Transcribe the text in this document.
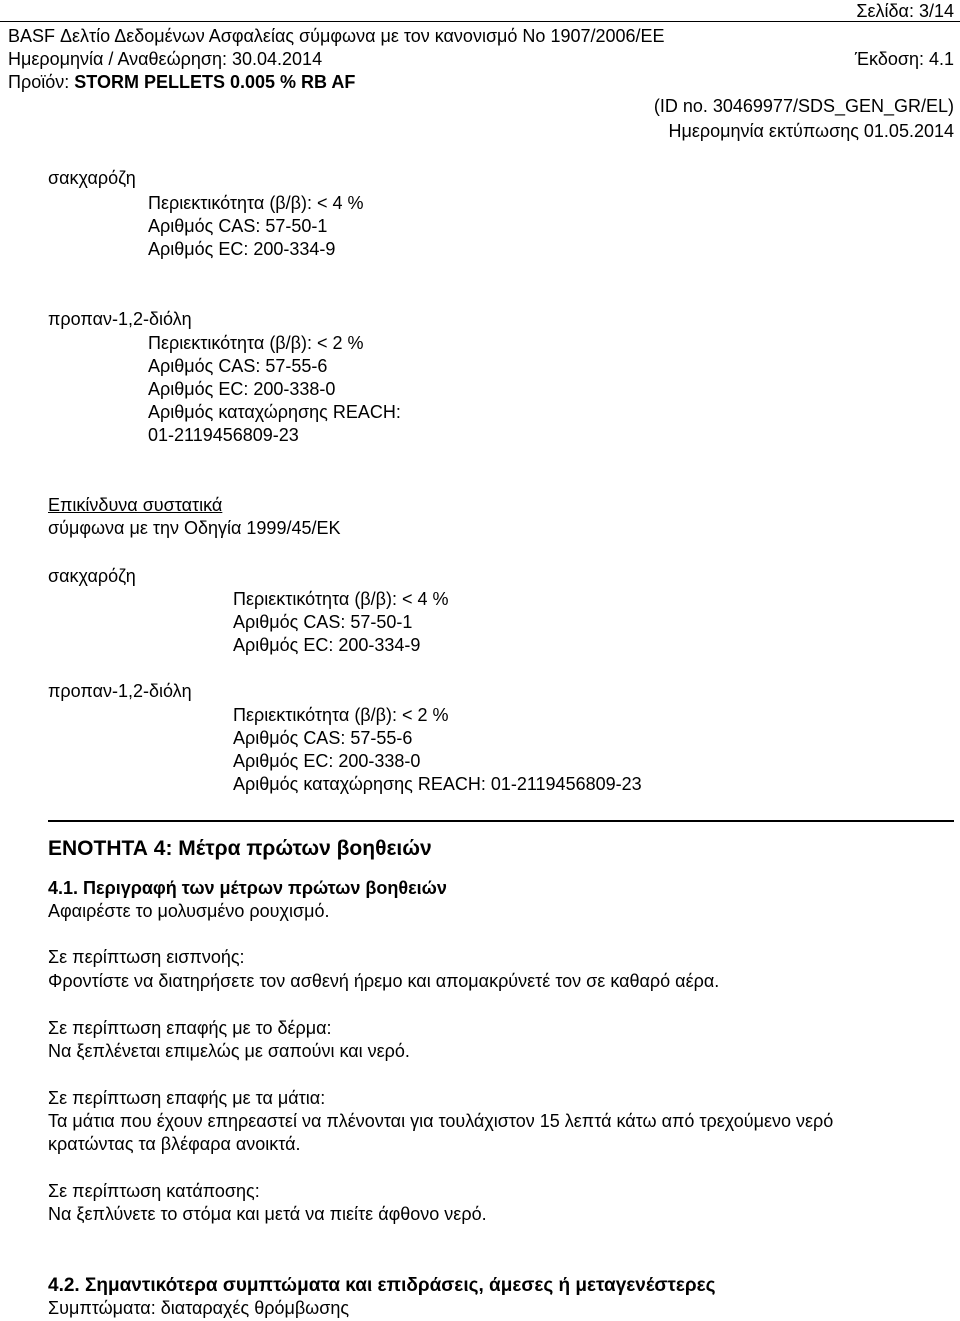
Σελίδα: 3/14
BASF Δελτίο Δεδομένων Ασφαλείας σύμφωνα με τον κανονισμό Νο 1907/2006/ΕΕ
Ημερομηνία / Αναθεώρηση: 30.04.2014	Έκδοση: 4.1
Προϊόν: STORM PELLETS 0.005 % RB AF
(ID no. 30469977/SDS_GEN_GR/EL)
Ημερομηνία εκτύπωσης 01.05.2014
σακχαρόζη
Περιεκτικότητα (β/β): < 4 %
Αριθμός CAS: 57-50-1
Αριθμός EC: 200-334-9
προπαν-1,2-διόλη
Περιεκτικότητα (β/β): < 2 %
Αριθμός CAS: 57-55-6
Αριθμός EC: 200-338-0
Αριθμός καταχώρησης REACH:
01-2119456809-23
Επικίνδυνα συστατικά
σύμφωνα με την Οδηγία 1999/45/ΕΚ
σακχαρόζη
Περιεκτικότητα (β/β): < 4 %
Αριθμός CAS: 57-50-1
Αριθμός EC: 200-334-9
προπαν-1,2-διόλη
Περιεκτικότητα (β/β): < 2 %
Αριθμός CAS: 57-55-6
Αριθμός EC: 200-338-0
Αριθμός καταχώρησης REACH: 01-2119456809-23
ΕΝΟΤΗΤΑ 4: Μέτρα πρώτων βοηθειών
4.1. Περιγραφή των μέτρων πρώτων βοηθειών
Αφαιρέστε το μολυσμένο ρουχισμό.
Σε περίπτωση εισπνοής:
Φροντίστε να διατηρήσετε τον ασθενή ήρεμο και απομακρύνετέ τον σε καθαρό αέρα.
Σε περίπτωση επαφής με το δέρμα:
Να ξεπλένεται επιμελώς με σαπούνι και νερό.
Σε περίπτωση επαφής με τα μάτια:
Τα μάτια που έχουν επηρεαστεί να πλένονται για τουλάχιστον 15 λεπτά κάτω από τρεχούμενο νερό
κρατώντας τα βλέφαρα ανοικτά.
Σε περίπτωση κατάποσης:
Να ξεπλύνετε το στόμα και μετά να πιείτε άφθονο νερό.
4.2. Σημαντικότερα συμπτώματα και επιδράσεις, άμεσες ή μεταγενέστερες
Συμπτώματα: διαταραχές θρόμβωσης
